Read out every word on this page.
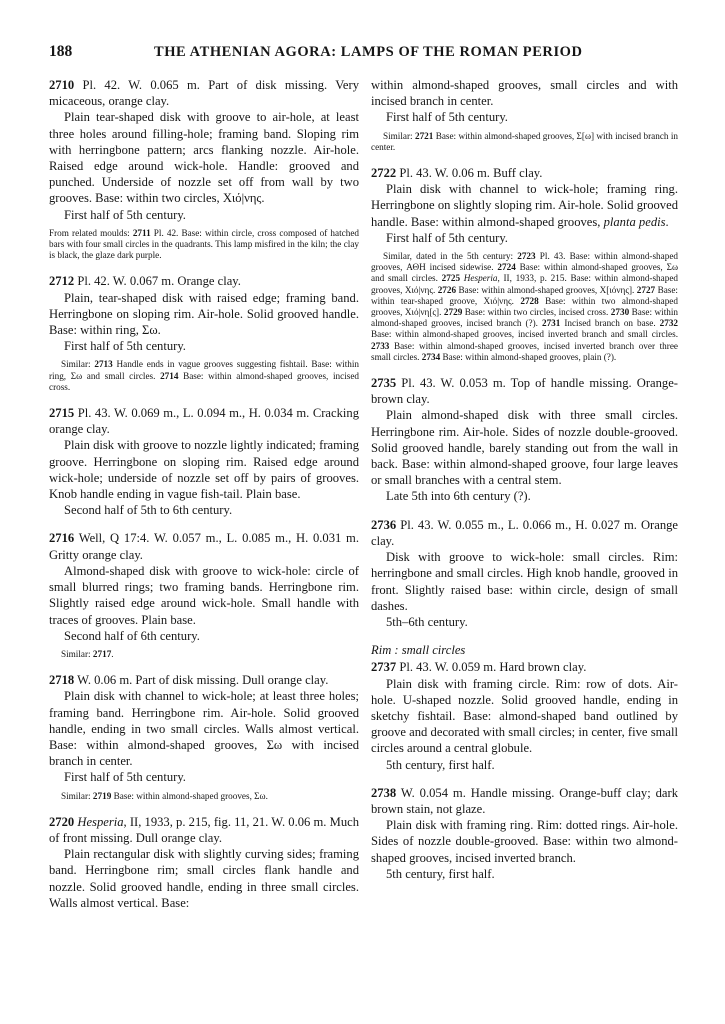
188	THE ATHENIAN AGORA: LAMPS OF THE ROMAN PERIOD

2710 Pl. 42. W. 0.065 m. Part of disk missing. Very micaceous, orange clay.

Plain tear-shaped disk with groove to air-hole, at least three holes around filling-hole; framing band. Sloping rim with herringbone pattern; arcs flanking nozzle. Air-hole. Raised edge around wick-hole. Handle: grooved and punched. Underside of nozzle set off from wall by two grooves. Base: within two circles, Χιό|νης.

First half of 5th century.

From related moulds: 2711 Pl. 42. Base: within circle, cross composed of hatched bars with four small circles in the quadrants. This lamp misfired in the kiln; the clay is black, the glaze dark purple.

2712 Pl. 42. W. 0.067 m. Orange clay.

Plain, tear-shaped disk with raised edge; framing band. Herringbone on sloping rim. Air-hole. Solid grooved handle. Base: within ring, Σω.

First half of 5th century.

Similar: 2713 Handle ends in vague grooves suggesting fishtail. Base: within ring, Σω and small circles. 2714 Base: within almond-shaped grooves, incised cross.

2715 Pl. 43. W. 0.069 m., L. 0.094 m., H. 0.034 m. Cracking orange clay.

Plain disk with groove to nozzle lightly indicated; framing groove. Herringbone on sloping rim. Raised edge around wick-hole; underside of nozzle set off by pairs of grooves. Knob handle ending in vague fish-tail. Plain base.

Second half of 5th to 6th century.

2716 Well, Q 17:4. W. 0.057 m., L. 0.085 m., H. 0.031 m. Gritty orange clay.

Almond-shaped disk with groove to wick-hole: circle of small blurred rings; two framing bands. Herringbone rim. Slightly raised edge around wick-hole. Small handle with traces of grooves. Plain base.

Second half of 6th century.

Similar: 2717.

2718 W. 0.06 m. Part of disk missing. Dull orange clay.

Plain disk with channel to wick-hole; at least three holes; framing band. Herringbone rim. Air-hole. Solid grooved handle, ending in two small circles. Walls almost vertical. Base: within almond-shaped grooves, Σω with incised branch in center.

First half of 5th century.

Similar: 2719 Base: within almond-shaped grooves, Σω.

2720 Hesperia, II, 1933, p. 215, fig. 11, 21. W. 0.06 m. Much of front missing. Dull orange clay.

Plain rectangular disk with slightly curving sides; framing band. Herringbone rim; small circles flank handle and nozzle. Solid grooved handle, ending in three small circles. Walls almost vertical. Base:

within almond-shaped grooves, small circles and with incised branch in center.

First half of 5th century.

Similar: 2721 Base: within almond-shaped grooves, Σ[ω] with incised branch in center.

2722 Pl. 43. W. 0.06 m. Buff clay.

Plain disk with channel to wick-hole; framing ring. Herringbone on slightly sloping rim. Air-hole. Solid grooved handle. Base: within almond-shaped grooves, planta pedis.

First half of 5th century.

Similar, dated in the 5th century: 2723 Pl. 43. Base: within almond-shaped grooves, ΑΘΗ incised sidewise. 2724 Base: within almond-shaped grooves, Σω and small circles. 2725 Hesperia, II, 1933, p. 215. Base: within almond-shaped grooves, Χιό|νης. 2726 Base: within almond-shaped grooves, Χ[ιόνης]. 2727 Base: within tear-shaped groove, Χιό|νης. 2728 Base: within two almond-shaped grooves, Χιό|νη[ς]. 2729 Base: within two circles, incised cross. 2730 Base: within almond-shaped grooves, incised branch (?). 2731 Incised branch on base. 2732 Base: within almond-shaped grooves, incised inverted branch and small circles. 2733 Base: within almond-shaped grooves, incised inverted branch over three small circles. 2734 Base: within almond-shaped grooves, plain (?).

2735 Pl. 43. W. 0.053 m. Top of handle missing. Orange-brown clay.

Plain almond-shaped disk with three small circles. Herringbone rim. Air-hole. Sides of nozzle double-grooved. Solid grooved handle, barely standing out from the wall in back. Base: within almond-shaped groove, four large leaves or small branches with a central stem.

Late 5th into 6th century (?).

2736 Pl. 43. W. 0.055 m., L. 0.066 m., H. 0.027 m. Orange clay.

Disk with groove to wick-hole: small circles. Rim: herringbone and small circles. High knob handle, grooved in front. Slightly raised base: within circle, design of small dashes.

5th–6th century.

Rim : small circles

2737 Pl. 43. W. 0.059 m. Hard brown clay.

Plain disk with framing circle. Rim: row of dots. Air-hole. U-shaped nozzle. Solid grooved handle, ending in sketchy fishtail. Base: almond-shaped band outlined by groove and decorated with small circles; in center, five small circles around a central globule.

5th century, first half.

2738 W. 0.054 m. Handle missing. Orange-buff clay; dark brown stain, not glaze.

Plain disk with framing ring. Rim: dotted rings. Air-hole. Sides of nozzle double-grooved. Base: within two almond-shaped grooves, incised inverted branch.

5th century, first half.
